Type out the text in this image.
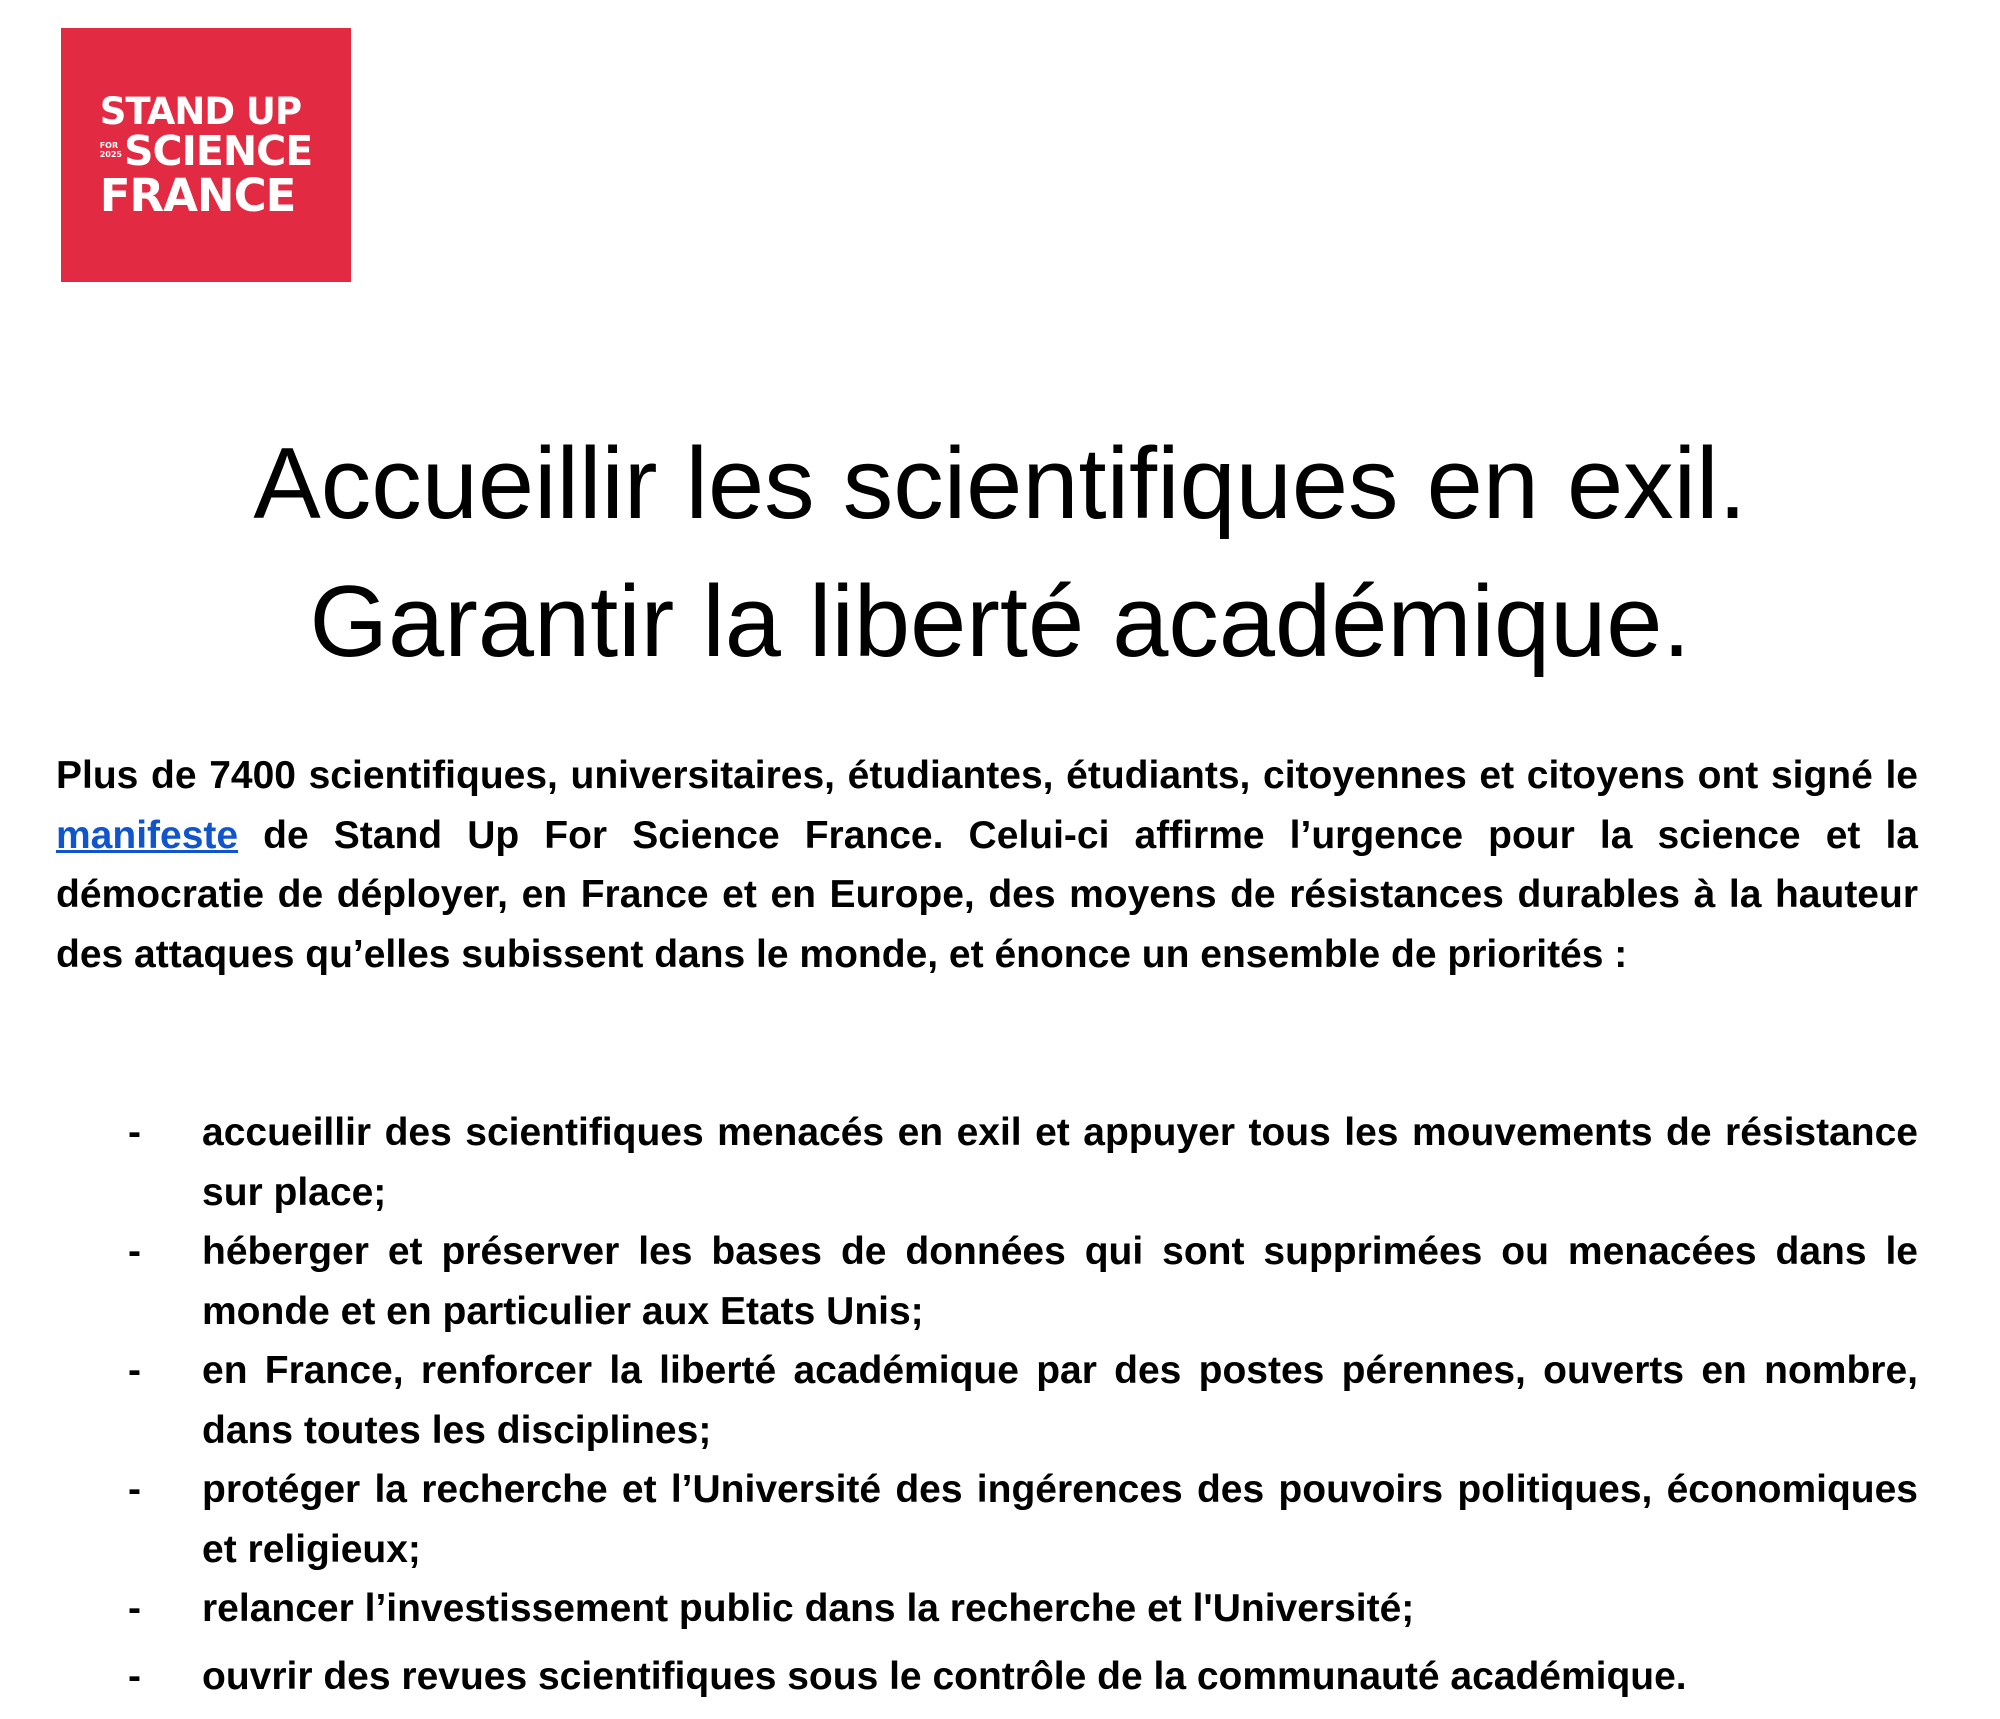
STAND UP
FOR
2025 SCIENCE
FRANCE
Accueillir les scientifiques en exil.
Garantir la liberté académique.

Plus de 7400 scientifiques, universitaires, étudiantes, étudiants, citoyennes et citoyens ont signé le manifeste de Stand Up For Science France. Celui-ci affirme l’urgence pour la science et la démocratie de déployer, en France et en Europe, des moyens de résistances durables à la hauteur des attaques qu’elles subissent dans le monde, et énonce un ensemble de priorités :

- accueillir des scientifiques menacés en exil et appuyer tous les mouvements de résistance sur place;
- héberger et préserver les bases de données qui sont supprimées ou menacées dans le monde et en particulier aux Etats Unis;
- en France, renforcer la liberté académique par des postes pérennes, ouverts en nombre, dans toutes les disciplines;
- protéger la recherche et l’Université des ingérences des pouvoirs politiques, économiques et religieux;
- relancer l’investissement public dans la recherche et l'Université;
- ouvrir des revues scientifiques sous le contrôle de la communauté académique.
